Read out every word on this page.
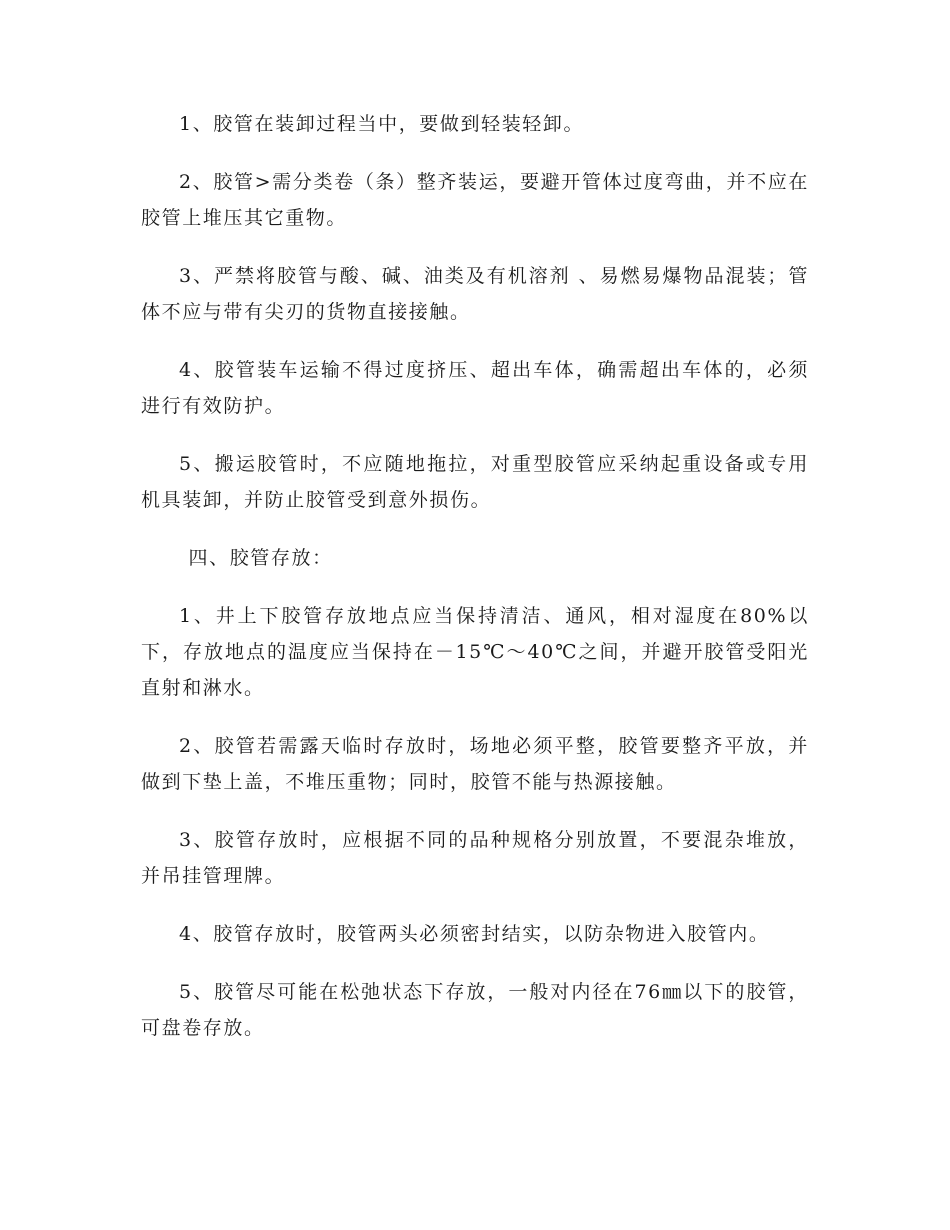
1、胶管在装卸过程当中，要做到轻装轻卸。

2、胶管>需分类卷（条）整齐装运，要避开管体过度弯曲，并不应在胶管上堆压其它重物。

3、严禁将胶管与酸、碱、油类及有机溶剂 、易燃易爆物品混装；管体不应与带有尖刃的货物直接接触。

4、胶管装车运输不得过度挤压、超出车体，确需超出车体的，必须进行有效防护。

5、搬运胶管时，不应随地拖拉，对重型胶管应采纳起重设备或专用机具装卸，并防止胶管受到意外损伤。

四、胶管存放：

1、井上下胶管存放地点应当保持清洁、通风，相对湿度在80%以下，存放地点的温度应当保持在－15℃～40℃之间，并避开胶管受阳光直射和淋水。

2、胶管若需露天临时存放时，场地必须平整，胶管要整齐平放，并做到下垫上盖，不堆压重物；同时，胶管不能与热源接触。

3、胶管存放时，应根据不同的品种规格分别放置，不要混杂堆放，并吊挂管理牌。

4、胶管存放时，胶管两头必须密封结实，以防杂物进入胶管内。

5、胶管尽可能在松弛状态下存放，一般对内径在76㎜以下的胶管，可盘卷存放。
